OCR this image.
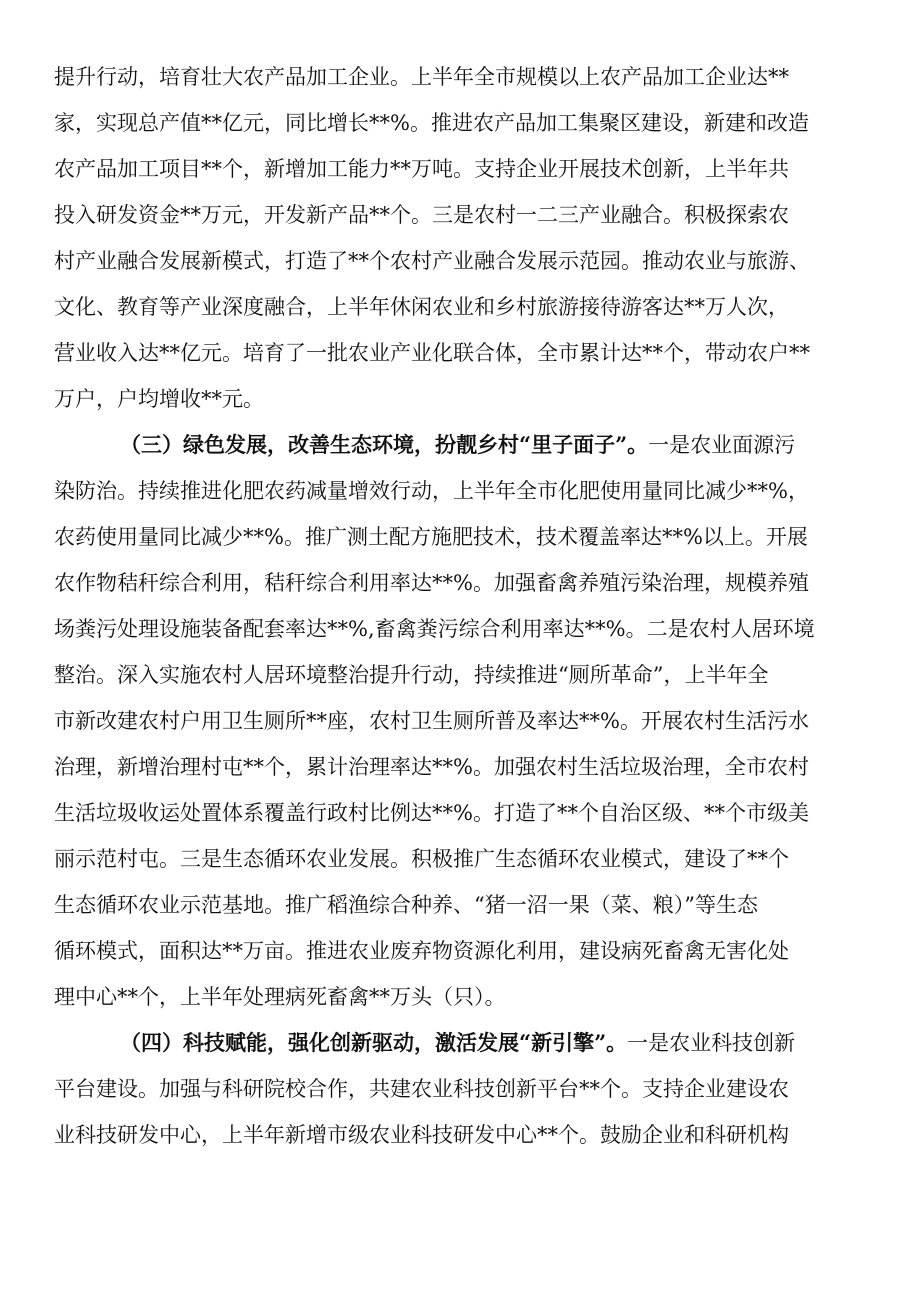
提升行动，培育壮大农产品加工企业。上半年全市规模以上农产品加工企业达**
家，实现总产值**亿元，同比增长**%。推进农产品加工集聚区建设，新建和改造
农产品加工项目**个，新增加工能力**万吨。支持企业开展技术创新，上半年共
投入研发资金**万元，开发新产品**个。三是农村一二三产业融合。积极探索农
村产业融合发展新模式，打造了**个农村产业融合发展示范园。推动农业与旅游、
文化、教育等产业深度融合，上半年休闲农业和乡村旅游接待游客达**万人次，
营业收入达**亿元。培育了一批农业产业化联合体，全市累计达**个，带动农户**
万户，户均增收**元。
（三）绿色发展，改善生态环境，扮靓乡村“里子面子”。一是农业面源污
染防治。持续推进化肥农药减量增效行动，上半年全市化肥使用量同比减少**%，
农药使用量同比减少**%。推广测土配方施肥技术，技术覆盖率达**%以上。开展
农作物秸秆综合利用，秸秆综合利用率达**%。加强畜禽养殖污染治理，规模养殖
场粪污处理设施装备配套率达**%,畜禽粪污综合利用率达**%。二是农村人居环境
整治。深入实施农村人居环境整治提升行动，持续推进“厕所革命”，上半年全
市新改建农村户用卫生厕所**座，农村卫生厕所普及率达**%。开展农村生活污水
治理，新增治理村屯**个，累计治理率达**%。加强农村生活垃圾治理，全市农村
生活垃圾收运处置体系覆盖行政村比例达**%。打造了**个自治区级、**个市级美
丽示范村屯。三是生态循环农业发展。积极推广生态循环农业模式，建设了**个
生态循环农业示范基地。推广稻渔综合种养、“猪一沼一果（菜、粮）”等生态
循环模式，面积达**万亩。推进农业废弃物资源化利用，建设病死畜禽无害化处
理中心**个，上半年处理病死畜禽**万头（只）。
（四）科技赋能，强化创新驱动，激活发展“新引擎”。一是农业科技创新
平台建设。加强与科研院校合作，共建农业科技创新平台**个。支持企业建设农
业科技研发中心，上半年新增市级农业科技研发中心**个。鼓励企业和科研机构
